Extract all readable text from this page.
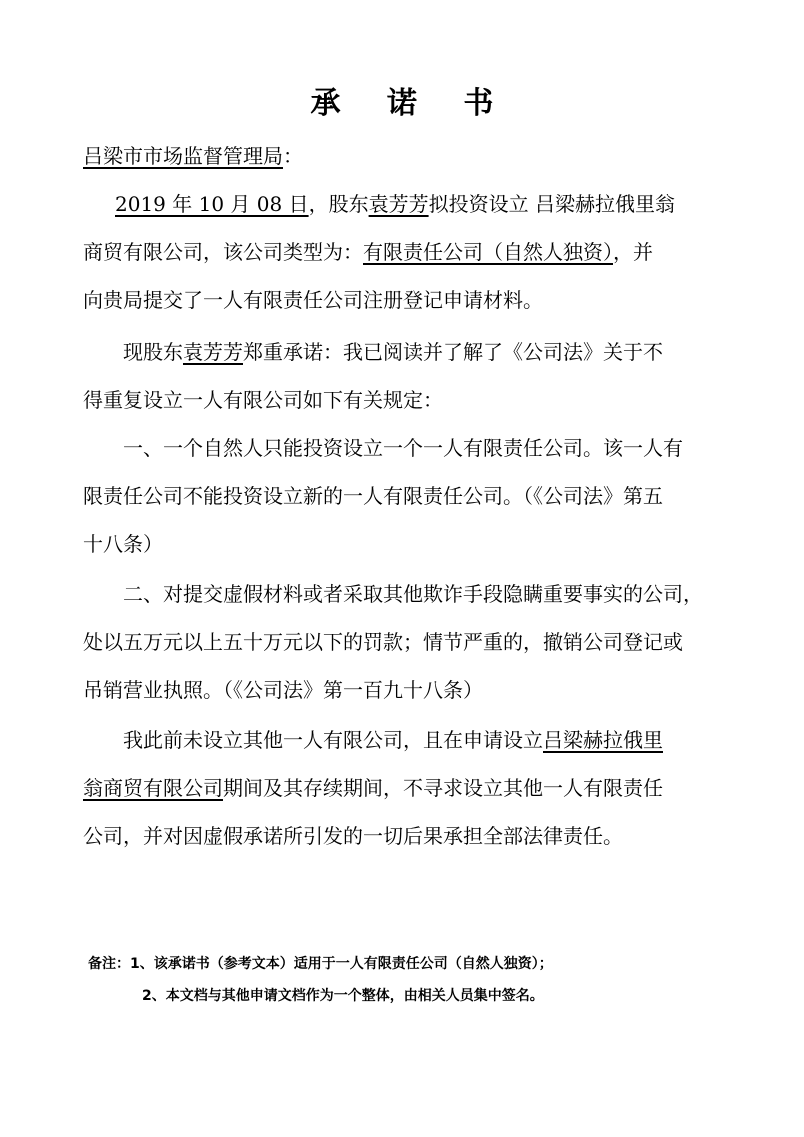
承 诺 书
吕梁市市场监督管理局：
2019 年 10 月 08 日，股东袁芳芳拟投资设立 吕梁赫拉俄里翁
商贸有限公司，该公司类型为：有限责任公司（自然人独资），并
向贵局提交了一人有限责任公司注册登记申请材料。
现股东袁芳芳郑重承诺：我已阅读并了解了《公司法》关于不
得重复设立一人有限公司如下有关规定：
一、一个自然人只能投资设立一个一人有限责任公司。该一人有
限责任公司不能投资设立新的一人有限责任公司。（《公司法》第五
十八条）
二、对提交虚假材料或者采取其他欺诈手段隐瞒重要事实的公司，
处以五万元以上五十万元以下的罚款；情节严重的，撤销公司登记或
吊销营业执照。（《公司法》第一百九十八条）
我此前未设立其他一人有限公司，且在申请设立吕梁赫拉俄里
翁商贸有限公司期间及其存续期间，不寻求设立其他一人有限责任
公司，并对因虚假承诺所引发的一切后果承担全部法律责任。
备注：1、该承诺书（参考文本）适用于一人有限责任公司（自然人独资）；
2、本文档与其他申请文档作为一个整体，由相关人员集中签名。
